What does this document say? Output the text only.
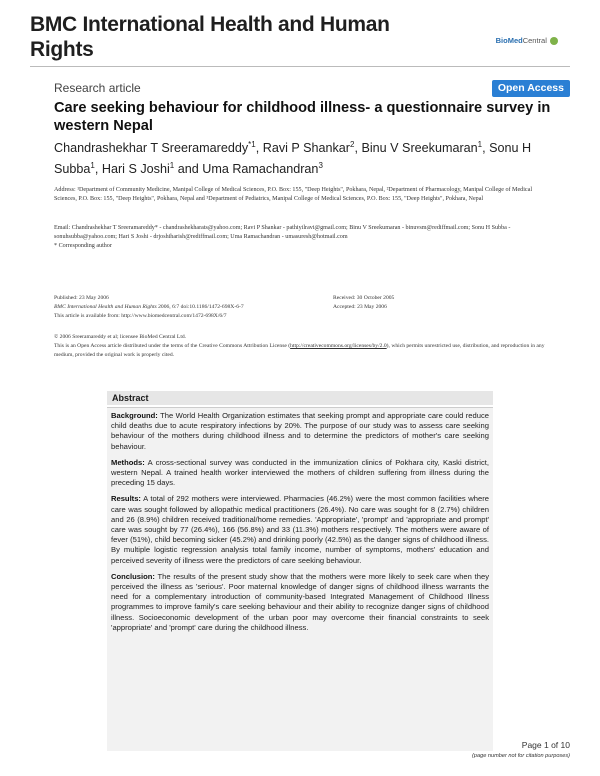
BMC International Health and Human Rights	BioMedCentral
Research article	Open Access
Care seeking behaviour for childhood illness- a questionnaire survey in western Nepal
Chandrashekhar T Sreeramareddy$^{*1}$, Ravi P Shankar$^2$, Binu V Sreekumaran$^1$, Sonu H Subba$^1$, Hari S Joshi$^1$ and Uma Ramachandran$^3$
Address: ¹Department of Community Medicine, Manipal College of Medical Sciences, P.O. Box: 155, "Deep Heights", Pokhara, Nepal, ²Department of Pharmacology, Manipal College of Medical Sciences, P.O. Box: 155, "Deep Heights", Pokhara, Nepal and ³Department of Pediatrics, Manipal College of Medical Sciences, P.O. Box: 155, "Deep Heights", Pokhara, Nepal
Email: Chandrashekhar T Sreeramareddy* - chandrashekharats@yahoo.com; Ravi P Shankar - pathiyilravi@gmail.com; Binu V Sreekumaran - binuvsm@rediffmail.com; Sonu H Subba - sonuhsubba@yahoo.com; Hari S Joshi - drjoshiharish@rediffmail.com; Uma Ramachandran - umasuresh@hotmail.com
* Corresponding author
Published: 23 May 2006
BMC International Health and Human Rights 2006, 6:7 doi:10.1186/1472-698X-6-7
This article is available from: http://www.biomedcentral.com/1472-698X/6/7
Received: 30 October 2005
Accepted: 23 May 2006
© 2006 Sreeramareddy et al; licensee BioMed Central Ltd.
This is an Open Access article distributed under the terms of the Creative Commons Attribution License (http://creativecommons.org/licenses/by/2.0), which permits unrestricted use, distribution, and reproduction in any medium, provided the original work is properly cited.
Abstract

Background: The World Health Organization estimates that seeking prompt and appropriate care could reduce child deaths due to acute respiratory infections by 20%. The purpose of our study was to assess care seeking behaviour of the mothers during childhood illness and to determine the predictors of mother's care seeking behaviour.

Methods: A cross-sectional survey was conducted in the immunization clinics of Pokhara city, Kaski district, western Nepal. A trained health worker interviewed the mothers of children suffering from illness during the preceding 15 days.

Results: A total of 292 mothers were interviewed. Pharmacies (46.2%) were the most common facilities where care was sought followed by allopathic medical practitioners (26.4%). No care was sought for 8 (2.7%) children and 26 (8.9%) children received traditional/home remedies. 'Appropriate', 'prompt' and 'appropriate and prompt' care was sought by 77 (26.4%), 166 (56.8%) and 33 (11.3%) mothers respectively. The mothers were aware of fever (51%), child becoming sicker (45.2%) and drinking poorly (42.5%) as the danger signs of childhood illness. By multiple logistic regression analysis total family income, number of symptoms, mothers' education and perceived severity of illness were the predictors of care seeking behaviour.

Conclusion: The results of the present study show that the mothers were more likely to seek care when they perceived the illness as 'serious'. Poor maternal knowledge of danger signs of childhood illness warrants the need for a complementary introduction of community-based Integrated Management of Childhood Illness programmes to improve family's care seeking behaviour and their ability to recognize danger signs of childhood illness. Socioeconomic development of the urban poor may overcome their financial constraints to seek 'appropriate' and 'prompt' care during the childhood illness.

Page 1 of 10
(page number not for citation purposes)
